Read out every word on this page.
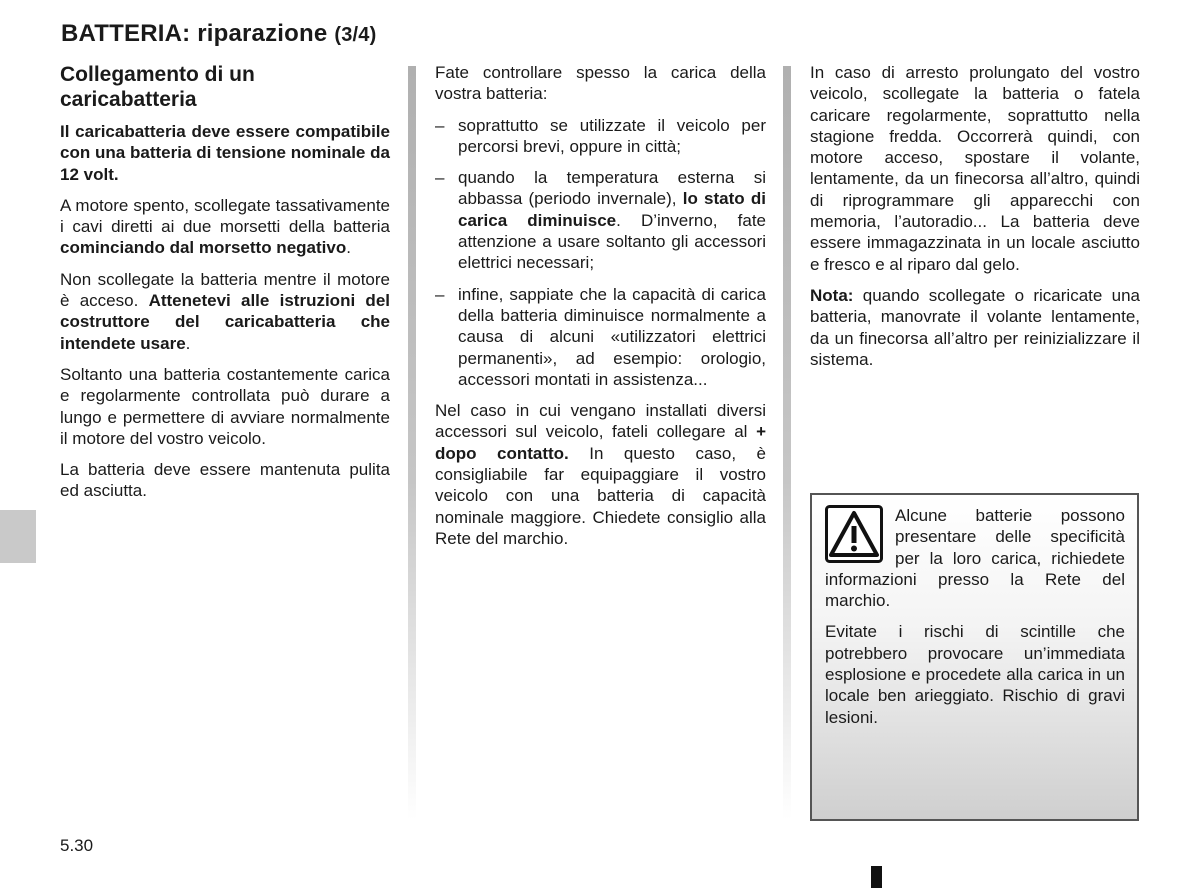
BATTERIA: riparazione (3/4)
Collegamento di un caricabatteria

Il caricabatteria deve essere compatibile con una batteria di tensione nominale da 12 volt.

A motore spento, scollegate tassativamente i cavi diretti ai due morsetti della batteria cominciando dal morsetto negativo.

Non scollegate la batteria mentre il motore è acceso. Attenetevi alle istruzioni del costruttore del caricabatteria che intendete usare.

Soltanto una batteria costantemente carica e regolarmente controllata può durare a lungo e permettere di avviare normalmente il motore del vostro veicolo.

La batteria deve essere mantenuta pulita ed asciutta.

Fate controllare spesso la carica della vostra batteria:

– soprattutto se utilizzate il veicolo per percorsi brevi, oppure in città;
– quando la temperatura esterna si abbassa (periodo invernale), lo stato di carica diminuisce. D’inverno, fate attenzione a usare soltanto gli accessori elettrici necessari;
– infine, sappiate che la capacità di carica della batteria diminuisce normalmente a causa di alcuni «utilizzatori elettrici permanenti», ad esempio: orologio, accessori montati in assistenza...

Nel caso in cui vengano installati diversi accessori sul veicolo, fateli collegare al + dopo contatto. In questo caso, è consigliabile far equipaggiare il vostro veicolo con una batteria di capacità nominale maggiore. Chiedete consiglio alla Rete del marchio.

In caso di arresto prolungato del vostro veicolo, scollegate la batteria o fatela caricare regolarmente, soprattutto nella stagione fredda. Occorrerà quindi, con motore acceso, spostare il volante, lentamente, da un finecorsa all’altro, quindi di riprogrammare gli apparecchi con memoria, l’autoradio... La batteria deve essere immagazzinata in un locale asciutto e fresco e al riparo dal gelo.

Nota: quando scollegate o ricaricate una batteria, manovrate il volante lentamente, da un finecorsa all’altro per reinizializzare il sistema.

Alcune batterie possono presentare delle specificità per la loro carica, richiedete informazioni presso la Rete del marchio.

Evitate i rischi di scintille che potrebbero provocare un’immediata esplosione e procedete alla carica in un locale ben arieggiato. Rischio di gravi lesioni.

5.30
